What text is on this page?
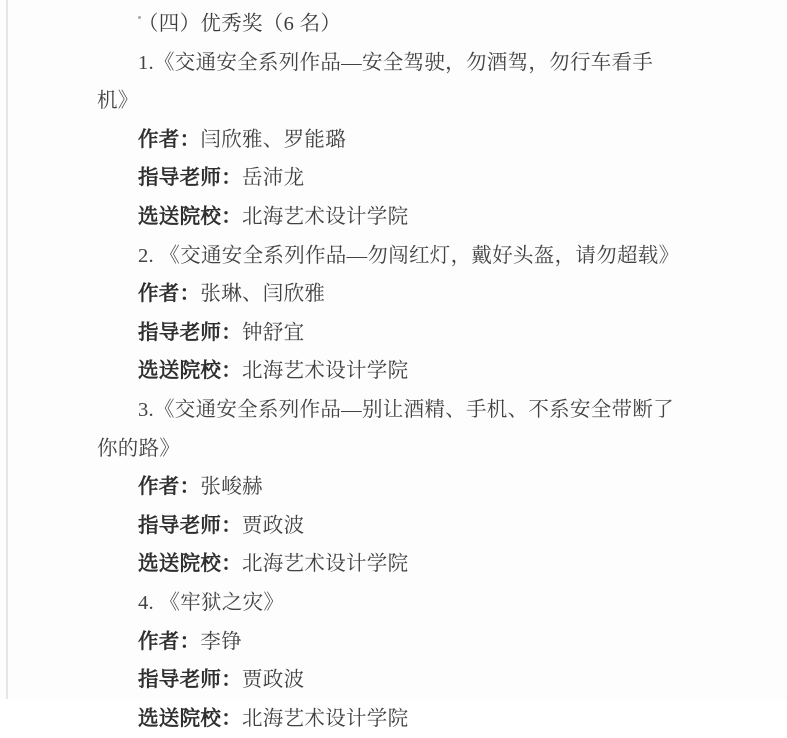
（四）优秀奖（6 名）

1.《交通安全系列作品—安全驾驶，勿酒驾，勿行车看手机》

作者：闫欣雅、罗能璐

指导老师：岳沛龙

选送院校：北海艺术设计学院

2. 《交通安全系列作品—勿闯红灯，戴好头盔，请勿超载》

作者：张琳、闫欣雅

指导老师：钟舒宜

选送院校：北海艺术设计学院

3.《交通安全系列作品—别让酒精、手机、不系安全带断了你的路》

作者：张峻赫

指导老师：贾政波

选送院校：北海艺术设计学院

4. 《牢狱之灾》

作者：李铮

指导老师：贾政波

选送院校：北海艺术设计学院
